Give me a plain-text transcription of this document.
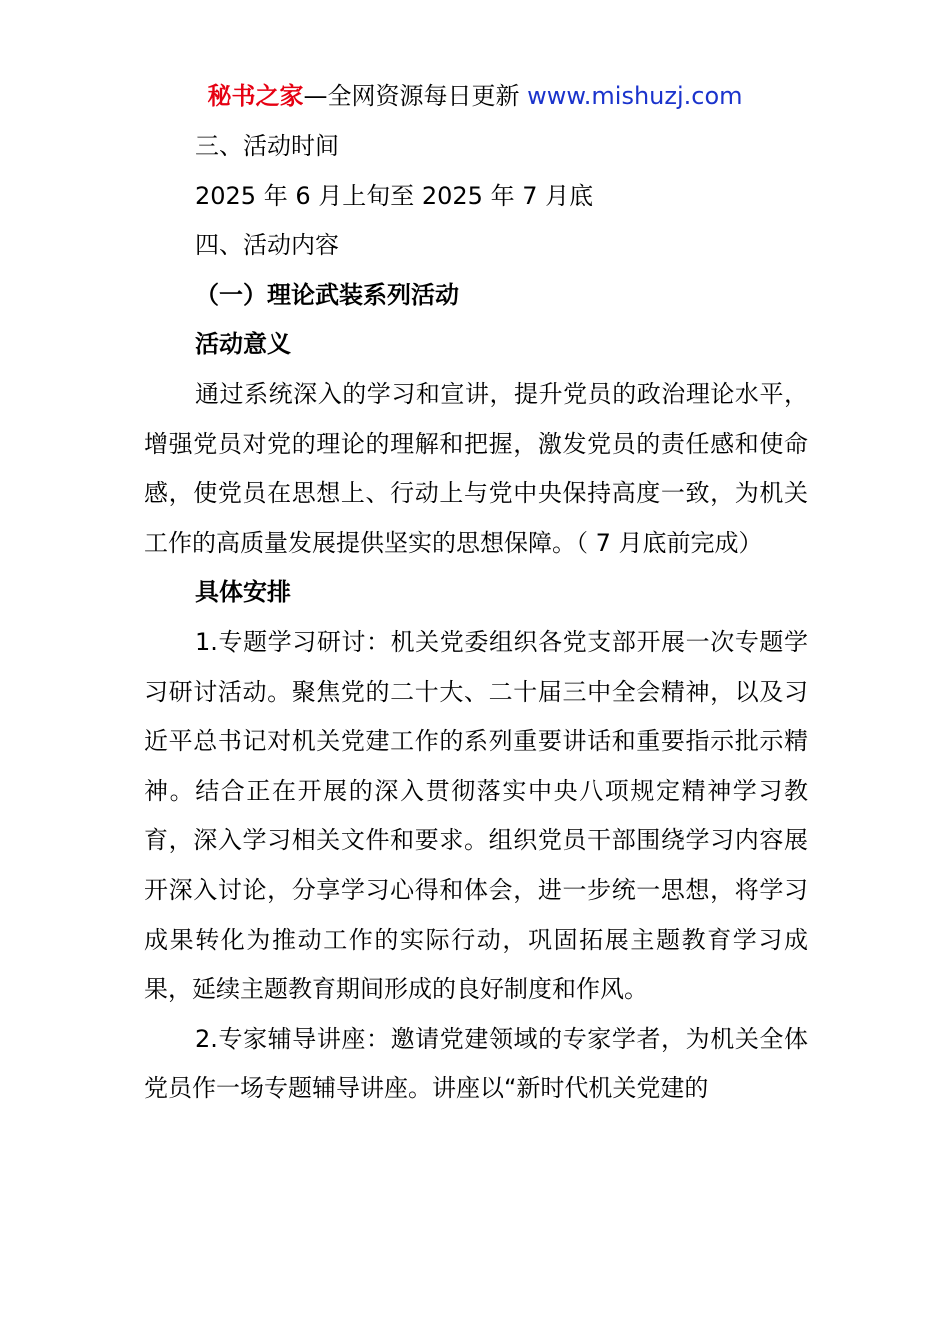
秘书之家—全网资源每日更新 www.mishuzj.com

三、活动时间

2025 年 6 月上旬至 2025 年 7 月底

四、活动内容

（一）理论武装系列活动

活动意义

通过系统深入的学习和宣讲，提升党员的政治理论水平，增强党员对党的理论的理解和把握，激发党员的责任感和使命感，使党员在思想上、行动上与党中央保持高度一致，为机关工作的高质量发展提供坚实的思想保障。（ 7 月底前完成）

具体安排

1.专题学习研讨：机关党委组织各党支部开展一次专题学习研讨活动。聚焦党的二十大、二十届三中全会精神，以及习近平总书记对机关党建工作的系列重要讲话和重要指示批示精神。结合正在开展的深入贯彻落实中央八项规定精神学习教育，深入学习相关文件和要求。组织党员干部围绕学习内容展开深入讨论，分享学习心得和体会，进一步统一思想，将学习成果转化为推动工作的实际行动，巩固拓展主题教育学习成果，延续主题教育期间形成的良好制度和作风。

2.专家辅导讲座：邀请党建领域的专家学者，为机关全体党员作一场专题辅导讲座。讲座以“新时代机关党建的
